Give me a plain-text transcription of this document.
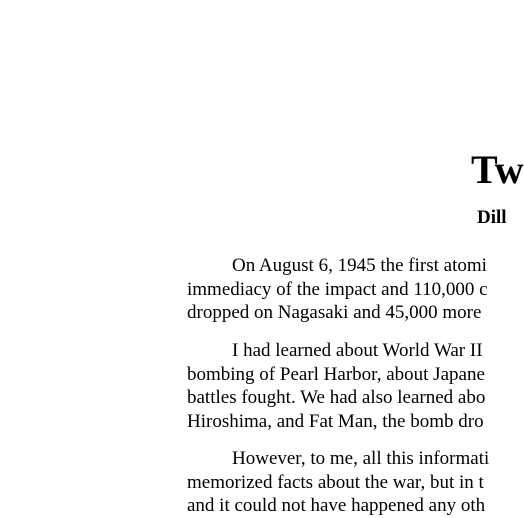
Tw
Dill

On August 6, 1945 the first atomi
immediacy of the impact and 110,000 c
dropped on Nagasaki and 45,000 more

I had learned about World War II
bombing of Pearl Harbor, about Japane
battles fought. We had also learned abo
Hiroshima, and Fat Man, the bomb dro

However, to me, all this informati
memorized facts about the war, but in t
and it could not have happened any oth
